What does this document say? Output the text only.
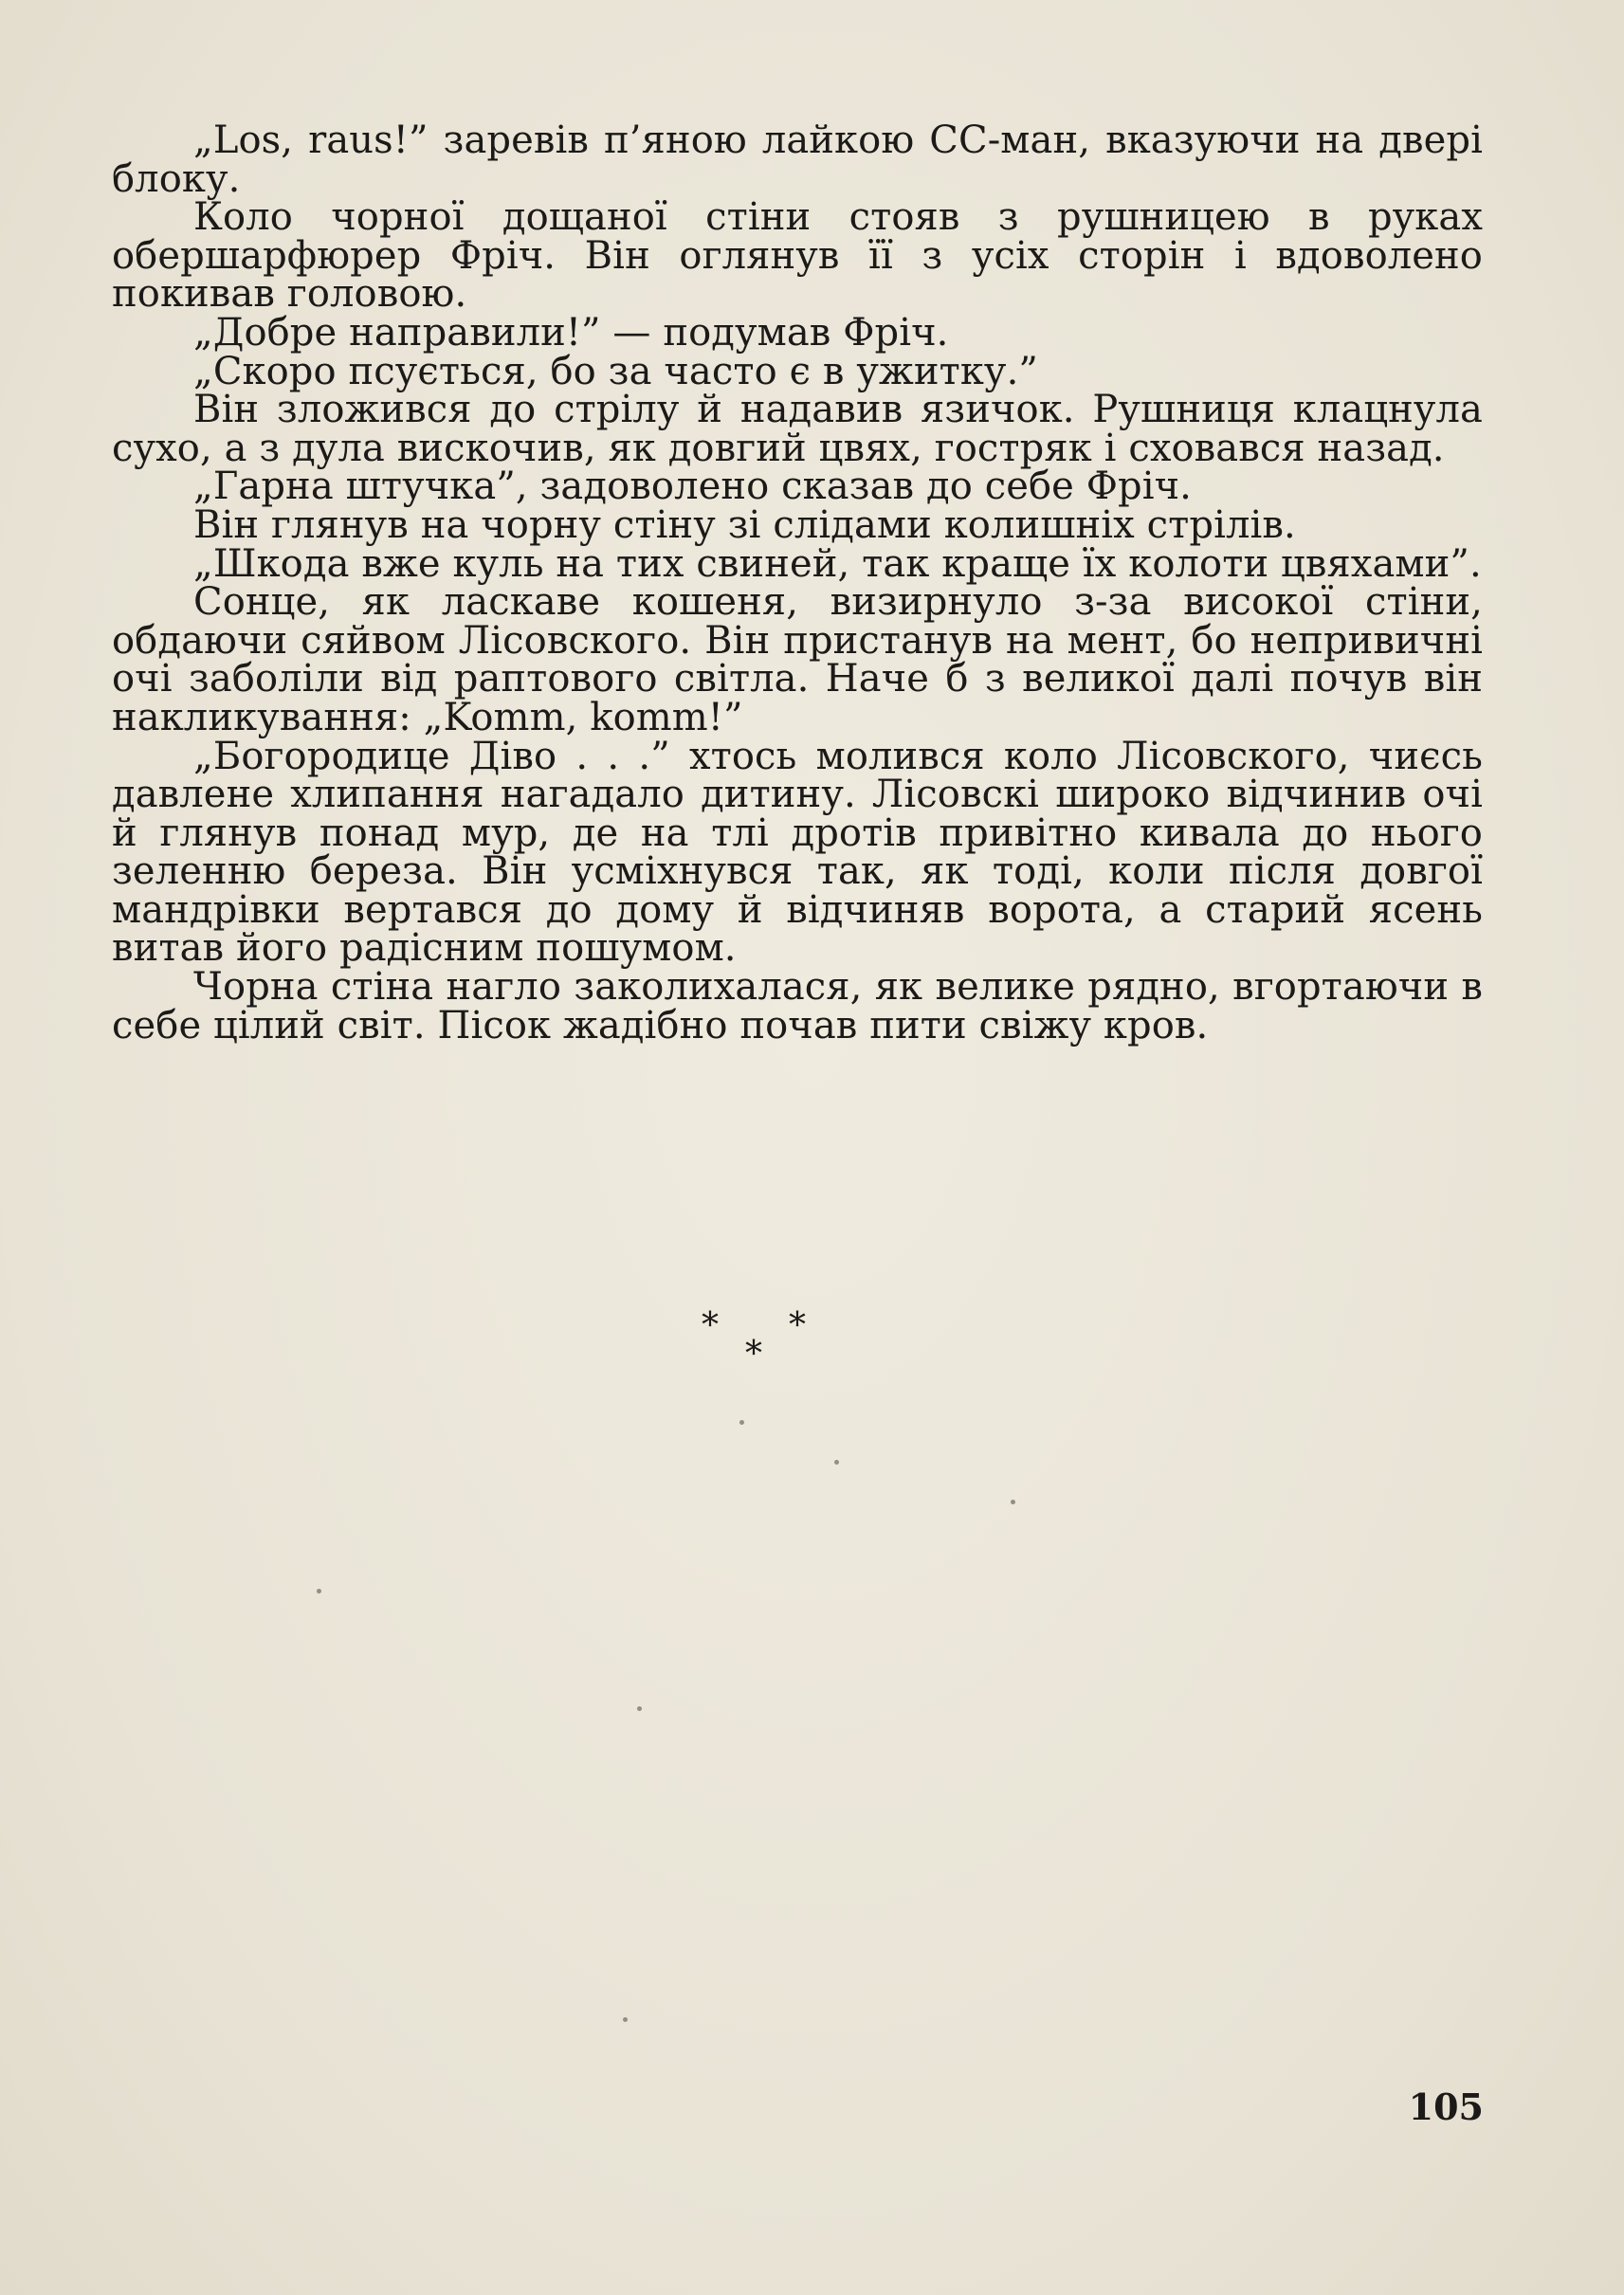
„Los, raus!” заревів п’яною лайкою СС-ман, вказуючи на двері блоку.

Коло чорної дощаної стіни стояв з рушницею в руках обершарфюрер Фріч. Він оглянув її з усіх сторін і вдоволено покивав головою.

„Добре направили!” — подумав Фріч.

„Скоро псується, бо за часто є в ужитку.”

Він зложився до стрілу й надавив язичок. Рушниця клацнула сухо, а з дула вискочив, як довгий цвях, гостряк і сховався назад.

„Гарна штучка”, задоволено сказав до себе Фріч.

Він глянув на чорну стіну зі слідами колишніх стрілів.

„Шкода вже куль на тих свиней, так краще їх колоти цвяхами”.

Сонце, як ласкаве кошеня, визирнуло з-за високої стіни, обдаючи сяйвом Лісовского. Він пристанув на мент, бо непривичні очі заболіли від раптового світла. Наче б з великої далі почув він накликування: „Komm, komm!”

„Богородице Діво . . .” хтось молився коло Лісовского, чиєсь давлене хлипання нагадало дитину. Лісовскі широко відчинив очі й глянув понад мур, де на тлі дротів привітно кивала до нього зеленню береза. Він усміхнувся так, як тоді, коли після довгої мандрівки вертався до дому й відчиняв ворота, а старий ясень витав його радісним пошумом.

Чорна стіна нагло заколихалася, як велике рядно, вгортаючи в себе цілий світ. Пісок жадібно почав пити свіжу кров.

* *
*
105
